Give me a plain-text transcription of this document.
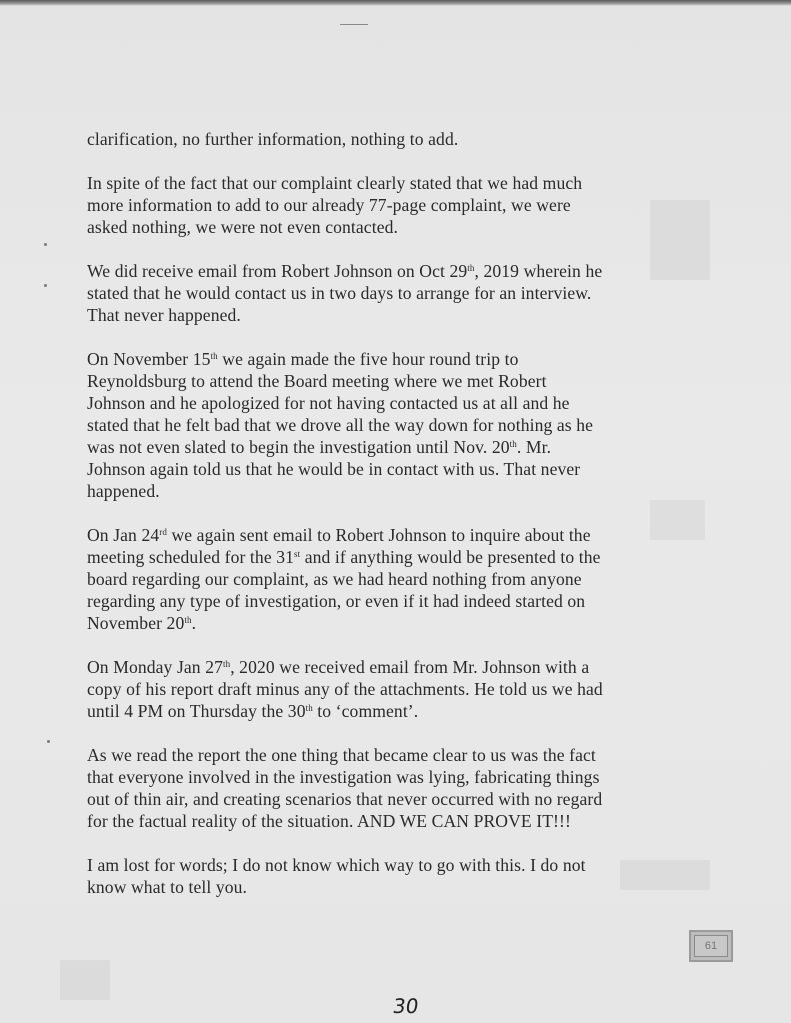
clarification, no further information, nothing to add.

In spite of the fact that our complaint clearly stated that we had much
more information to add to our already 77-page complaint, we were
asked nothing, we were not even contacted.

We did receive email from Robert Johnson on Oct 29th, 2019 wherein he
stated that he would contact us in two days to arrange for an interview.
That never happened.

On November 15th we again made the five hour round trip to
Reynoldsburg to attend the Board meeting where we met Robert
Johnson and he apologized for not having contacted us at all and he
stated that he felt bad that we drove all the way down for nothing as he
was not even slated to begin the investigation until Nov. 20th. Mr.
Johnson again told us that he would be in contact with us. That never
happened.

On Jan 24rd we again sent email to Robert Johnson to inquire about the
meeting scheduled for the 31st and if anything would be presented to the
board regarding our complaint, as we had heard nothing from anyone
regarding any type of investigation, or even if it had indeed started on
November 20th.

On Monday Jan 27th, 2020 we received email from Mr. Johnson with a
copy of his report draft minus any of the attachments. He told us we had
until 4 PM on Thursday the 30th to ‘comment’.

As we read the report the one thing that became clear to us was the fact
that everyone involved in the investigation was lying, fabricating things
out of thin air, and creating scenarios that never occurred with no regard
for the factual reality of the situation. AND WE CAN PROVE IT!!!

I am lost for words; I do not know which way to go with this. I do not
know what to tell you.

61
30
